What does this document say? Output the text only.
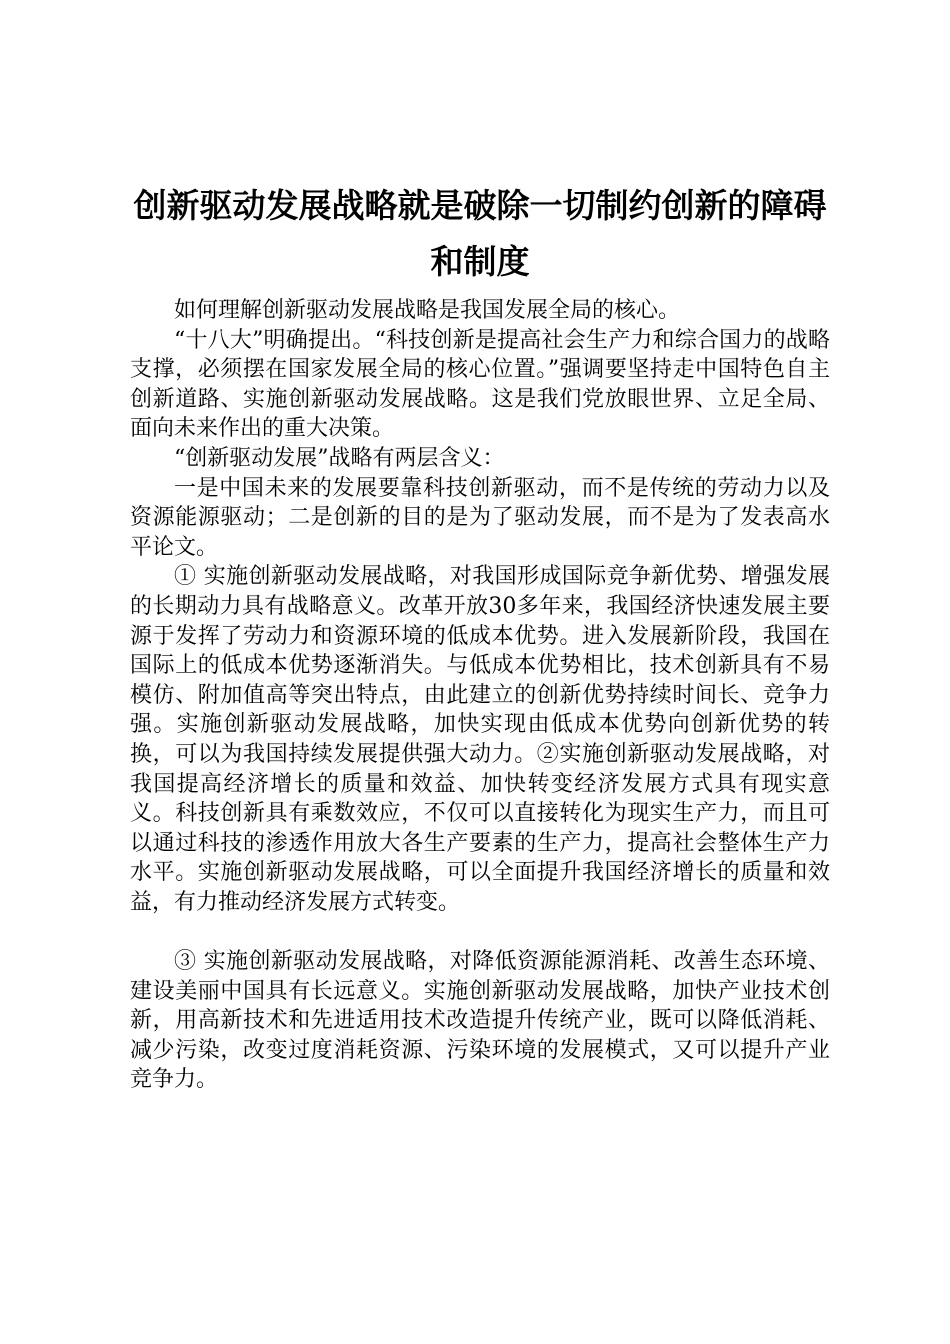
创新驱动发展战略就是破除一切制约创新的障碍和制度

如何理解创新驱动发展战略是我国发展全局的核心。

“十八大”明确提出。“科技创新是提高社会生产力和综合国力的战略支撑，必须摆在国家发展全局的核心位置。”强调要坚持走中国特色自主创新道路、实施创新驱动发展战略。这是我们党放眼世界、立足全局、面向未来作出的重大决策。

“创新驱动发展”战略有两层含义：

一是中国未来的发展要靠科技创新驱动，而不是传统的劳动力以及资源能源驱动；二是创新的目的是为了驱动发展，而不是为了发表高水平论文。

① 实施创新驱动发展战略，对我国形成国际竞争新优势、增强发展的长期动力具有战略意义。改革开放30多年来，我国经济快速发展主要源于发挥了劳动力和资源环境的低成本优势。进入发展新阶段，我国在国际上的低成本优势逐渐消失。与低成本优势相比，技术创新具有不易模仿、附加值高等突出特点，由此建立的创新优势持续时间长、竞争力强。实施创新驱动发展战略，加快实现由低成本优势向创新优势的转换，可以为我国持续发展提供强大动力。②实施创新驱动发展战略，对我国提高经济增长的质量和效益、加快转变经济发展方式具有现实意义。科技创新具有乘数效应，不仅可以直接转化为现实生产力，而且可以通过科技的渗透作用放大各生产要素的生产力，提高社会整体生产力水平。实施创新驱动发展战略，可以全面提升我国经济增长的质量和效益，有力推动经济发展方式转变。

③ 实施创新驱动发展战略，对降低资源能源消耗、改善生态环境、建设美丽中国具有长远意义。实施创新驱动发展战略，加快产业技术创新，用高新技术和先进适用技术改造提升传统产业，既可以降低消耗、减少污染，改变过度消耗资源、污染环境的发展模式，又可以提升产业竞争力。
